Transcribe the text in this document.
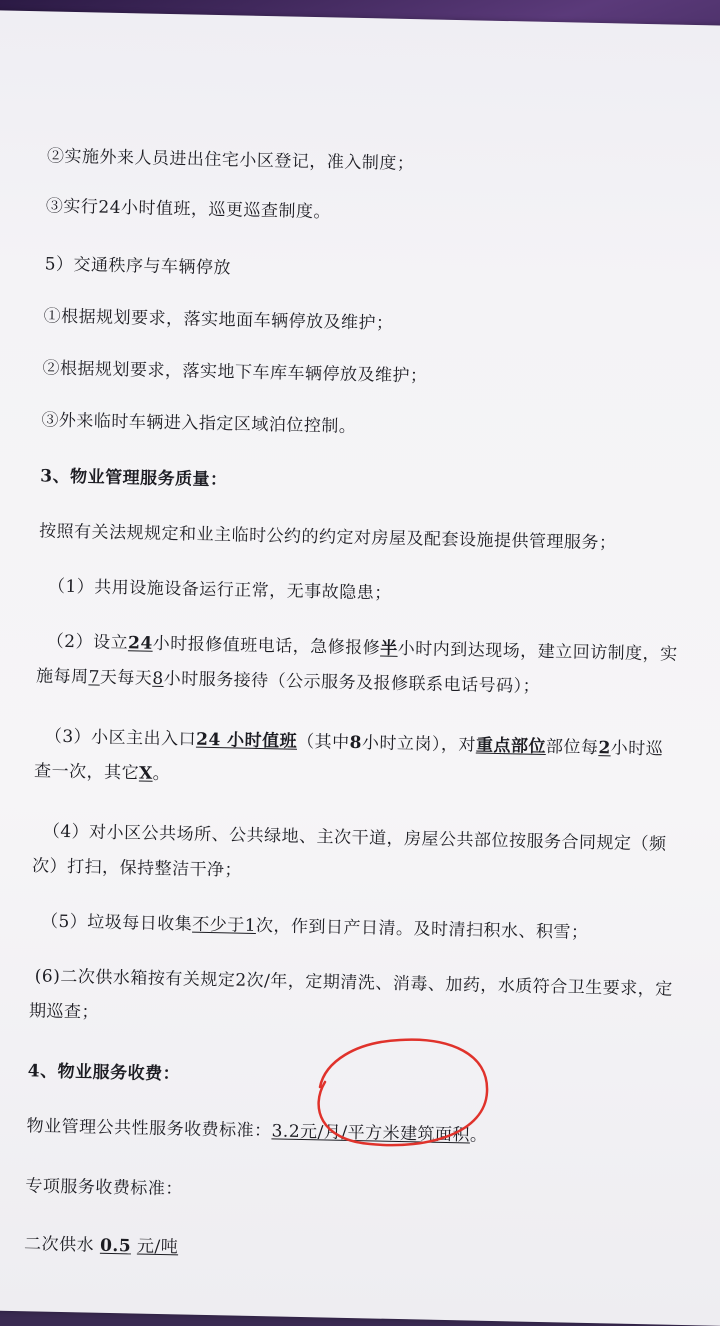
②实施外来人员进出住宅小区登记，准入制度；
③实行24小时值班，巡更巡查制度。
5）交通秩序与车辆停放
①根据规划要求，落实地面车辆停放及维护；
②根据规划要求，落实地下车库车辆停放及维护；
③外来临时车辆进入指定区域泊位控制。
3、物业管理服务质量：
按照有关法规规定和业主临时公约的约定对房屋及配套设施提供管理服务；
（1）共用设施设备运行正常，无事故隐患；
（2）设立24小时报修值班电话，急修报修半小时内到达现场，建立回访制度，实
施每周7天每天8小时服务接待（公示服务及报修联系电话号码）；
（3）小区主出入口24 小时值班（其中8小时立岗），对重点部位部位每2小时巡
查一次，其它X。
（4）对小区公共场所、公共绿地、主次干道，房屋公共部位按服务合同规定（频
次）打扫，保持整洁干净；
（5）垃圾每日收集不少于1次，作到日产日清。及时清扫积水、积雪；
(6)二次供水箱按有关规定2次/年，定期清洗、消毒、加药，水质符合卫生要求，定
期巡查；
4、物业服务收费：
物业管理公共性服务收费标准：3.2元/月/平方米建筑面积。
专项服务收费标准：
二次供水 0.5 元/吨
